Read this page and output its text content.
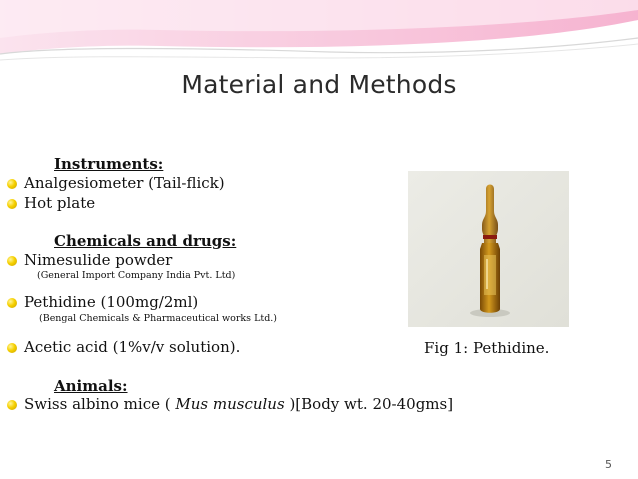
Material and Methods
Instruments:
Analgesiometer (Tail-flick)
Hot plate
Chemicals and drugs:
Nimesulide powder
(General Import Company India Pvt. Ltd)
Pethidine (100mg/2ml)
(Bengal Chemicals & Pharmaceutical works Ltd.)
Acetic acid (1%v/v solution).	Fig 1: Pethidine.
Animals:
Swiss albino mice ( Mus musculus )[Body wt. 20-40gms]
5
